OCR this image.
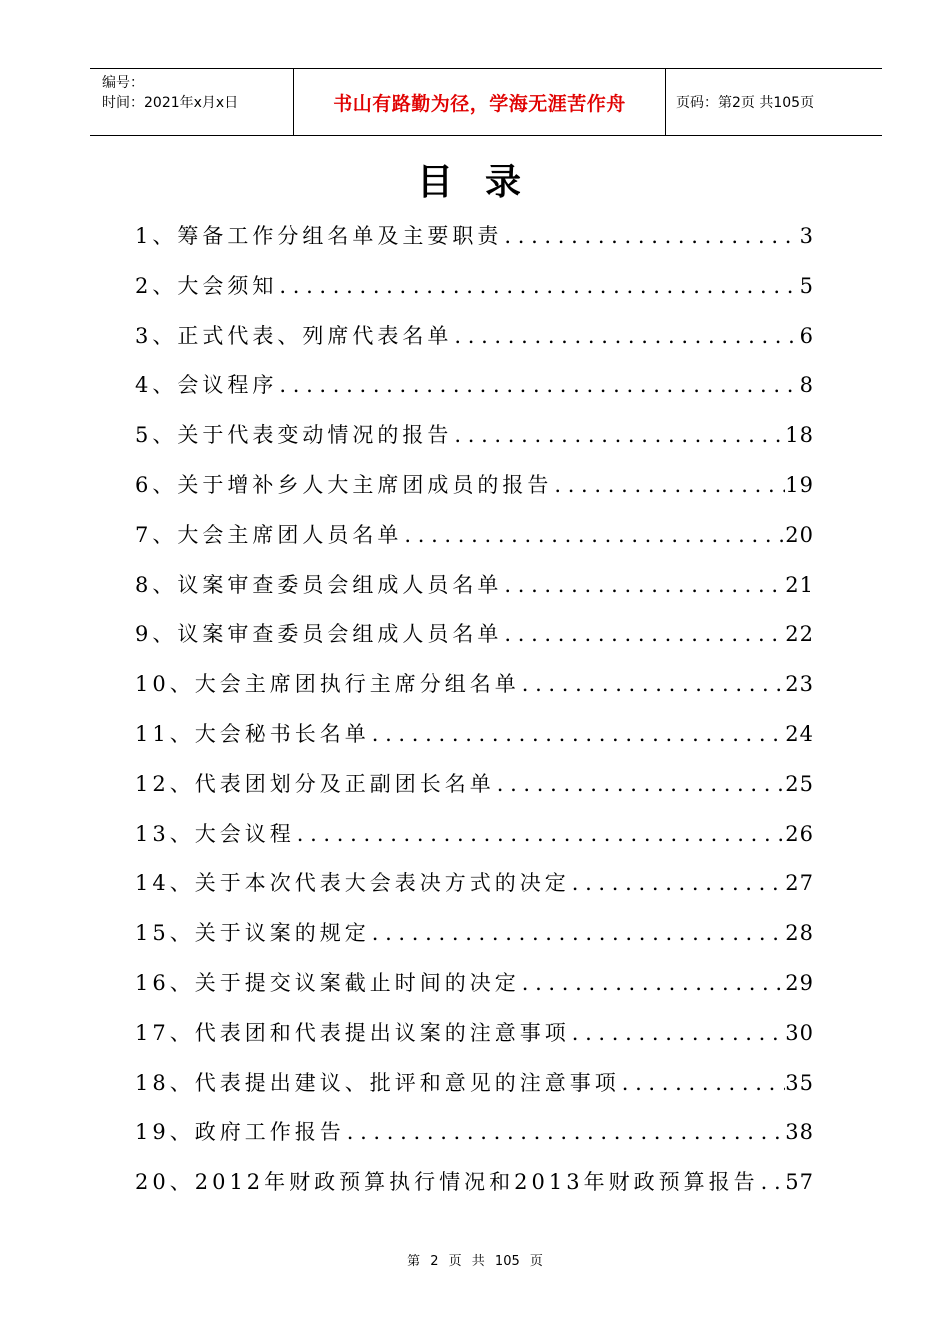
编号：
时间：2021年x月x日	书山有路勤为径，学海无涯苦作舟	页码：第2页 共105页
目录
1、筹备工作分组名单及主要职责 . . .	3
2、大会须知 . . .	5
3、正式代表、列席代表名单 . . .	6
4、会议程序 . . .	8
5、关于代表变动情况的报告 . . .	18
6、关于增补乡人大主席团成员的报告 . . .	19
7、大会主席团人员名单 . . .	20
8、议案审查委员会组成人员名单 . . .	21
9、议案审查委员会组成人员名单 . . .	22
10、大会主席团执行主席分组名单 . . .	23
11、大会秘书长名单 . . .	24
12、代表团划分及正副团长名单 . . .	25
13、大会议程 . . .	26
14、关于本次代表大会表决方式的决定 . . .	27
15、关于议案的规定 . . .	28
16、关于提交议案截止时间的决定 . . .	29
17、代表团和代表提出议案的注意事项 . . .	30
18、代表提出建议、批评和意见的注意事项 . . .	35
19、政府工作报告 . . .	38
20、2012年财政预算执行情况和2013年财政预算报告 . . . 57
第 2 页 共 105 页
